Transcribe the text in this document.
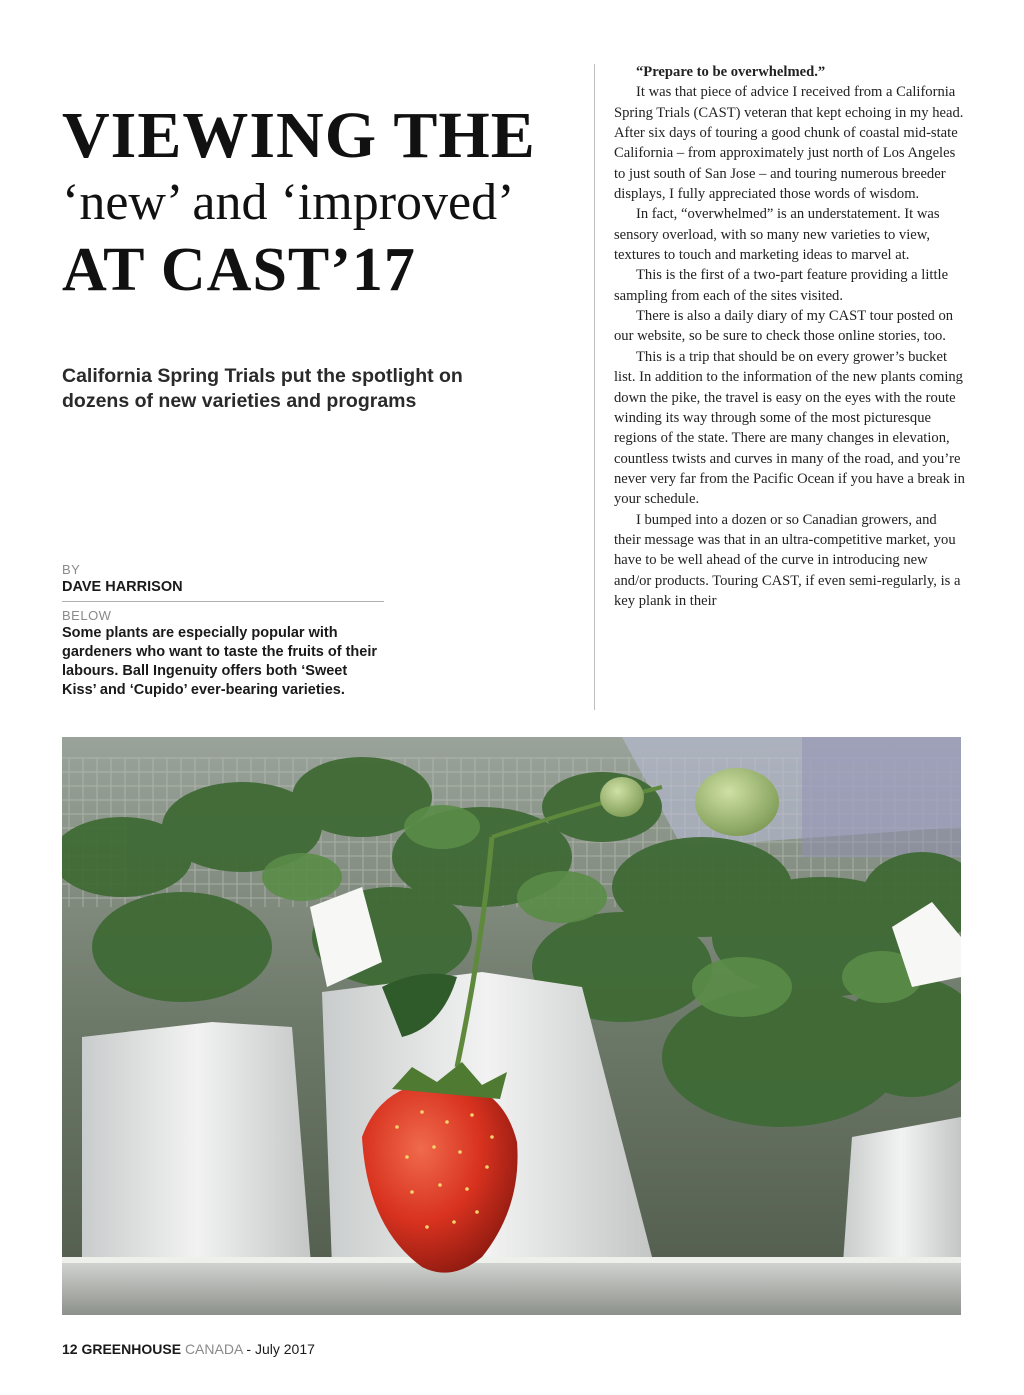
VIEWING THE
‘new’ and ‘improved’
AT CAST’17
California Spring Trials put the spotlight on dozens of new varieties and programs
BY
DAVE HARRISON
BELOW
Some plants are especially popular with gardeners who want to taste the fruits of their labours. Ball Ingenuity offers both ‘Sweet Kiss’ and ‘Cupido’ ever-bearing varieties.

“Prepare to be overwhelmed.”

It was that piece of advice I received from a California Spring Trials (CAST) veteran that kept echoing in my head. After six days of touring a good chunk of coastal mid-state California – from approximately just north of Los Angeles to just south of San Jose – and touring numerous breeder displays, I fully appreciated those words of wisdom.

In fact, “overwhelmed” is an understatement. It was sensory overload, with so many new varieties to view, textures to touch and marketing ideas to marvel at.

This is the first of a two-part feature providing a little sampling from each of the sites visited.

There is also a daily diary of my CAST tour posted on our website, so be sure to check those online stories, too.

This is a trip that should be on every grower’s bucket list. In addition to the information of the new plants coming down the pike, the travel is easy on the eyes with the route winding its way through some of the most picturesque regions of the state. There are many changes in elevation, countless twists and curves in many of the road, and you’re never very far from the Pacific Ocean if you have a break in your schedule.

I bumped into a dozen or so Canadian growers, and their message was that in an ultra-competitive market, you have to be well ahead of the curve in introducing new and/or products. Touring CAST, if even semi-regularly, is a key plank in their

12 GREENHOUSE CANADA - July 2017
